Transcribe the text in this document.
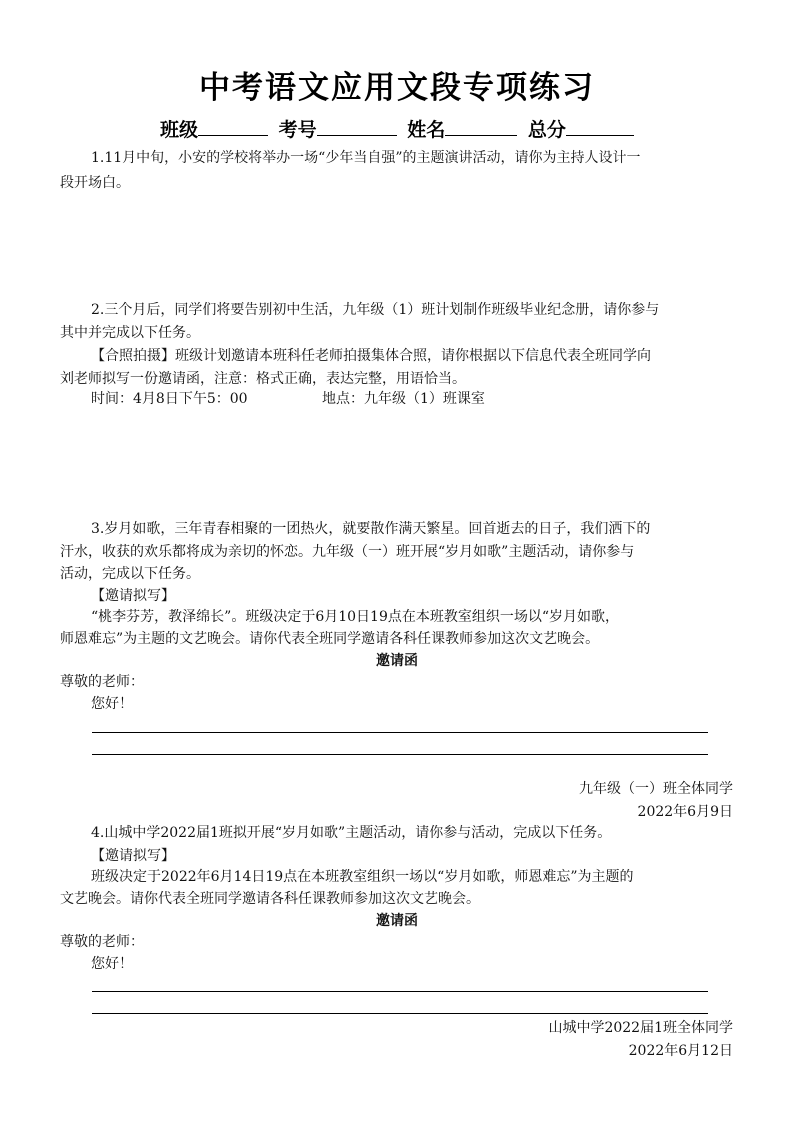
中考语文应用文段专项练习
班级	考号	姓名	总分
1.11月中旬，小安的学校将举办一场“少年当自强”的主题演讲活动，请你为主持人设计一
段开场白。
2.三个月后，同学们将要告别初中生活，九年级（1）班计划制作班级毕业纪念册，请你参与
其中并完成以下任务。
【合照拍摄】班级计划邀请本班科任老师拍摄集体合照，请你根据以下信息代表全班同学向
刘老师拟写一份邀请函，注意：格式正确，表达完整，用语恰当。
时间：4月8日下午5：00	地点：九年级（1）班课室
3.岁月如歌，三年青春相聚的一团热火，就要散作满天繁星。回首逝去的日子，我们洒下的
汗水，收获的欢乐都将成为亲切的怀恋。九年级（一）班开展“岁月如歌”主题活动，请你参与
活动，完成以下任务。
【邀请拟写】
“桃李芬芳，教泽绵长”。班级决定于6月10日19点在本班教室组织一场以“岁月如歌，
师恩难忘”为主题的文艺晚会。请你代表全班同学邀请各科任课教师参加这次文艺晚会。
邀请函
尊敬的老师：
您好！
九年级（一）班全体同学
2022年6月9日
4.山城中学2022届1班拟开展“岁月如歌”主题活动，请你参与活动，完成以下任务。
【邀请拟写】
班级决定于2022年6月14日19点在本班教室组织一场以“岁月如歌，师恩难忘”为主题的
文艺晚会。请你代表全班同学邀请各科任课教师参加这次文艺晚会。
邀请函
尊敬的老师：
您好！
山城中学2022届1班全体同学
2022年6月12日
